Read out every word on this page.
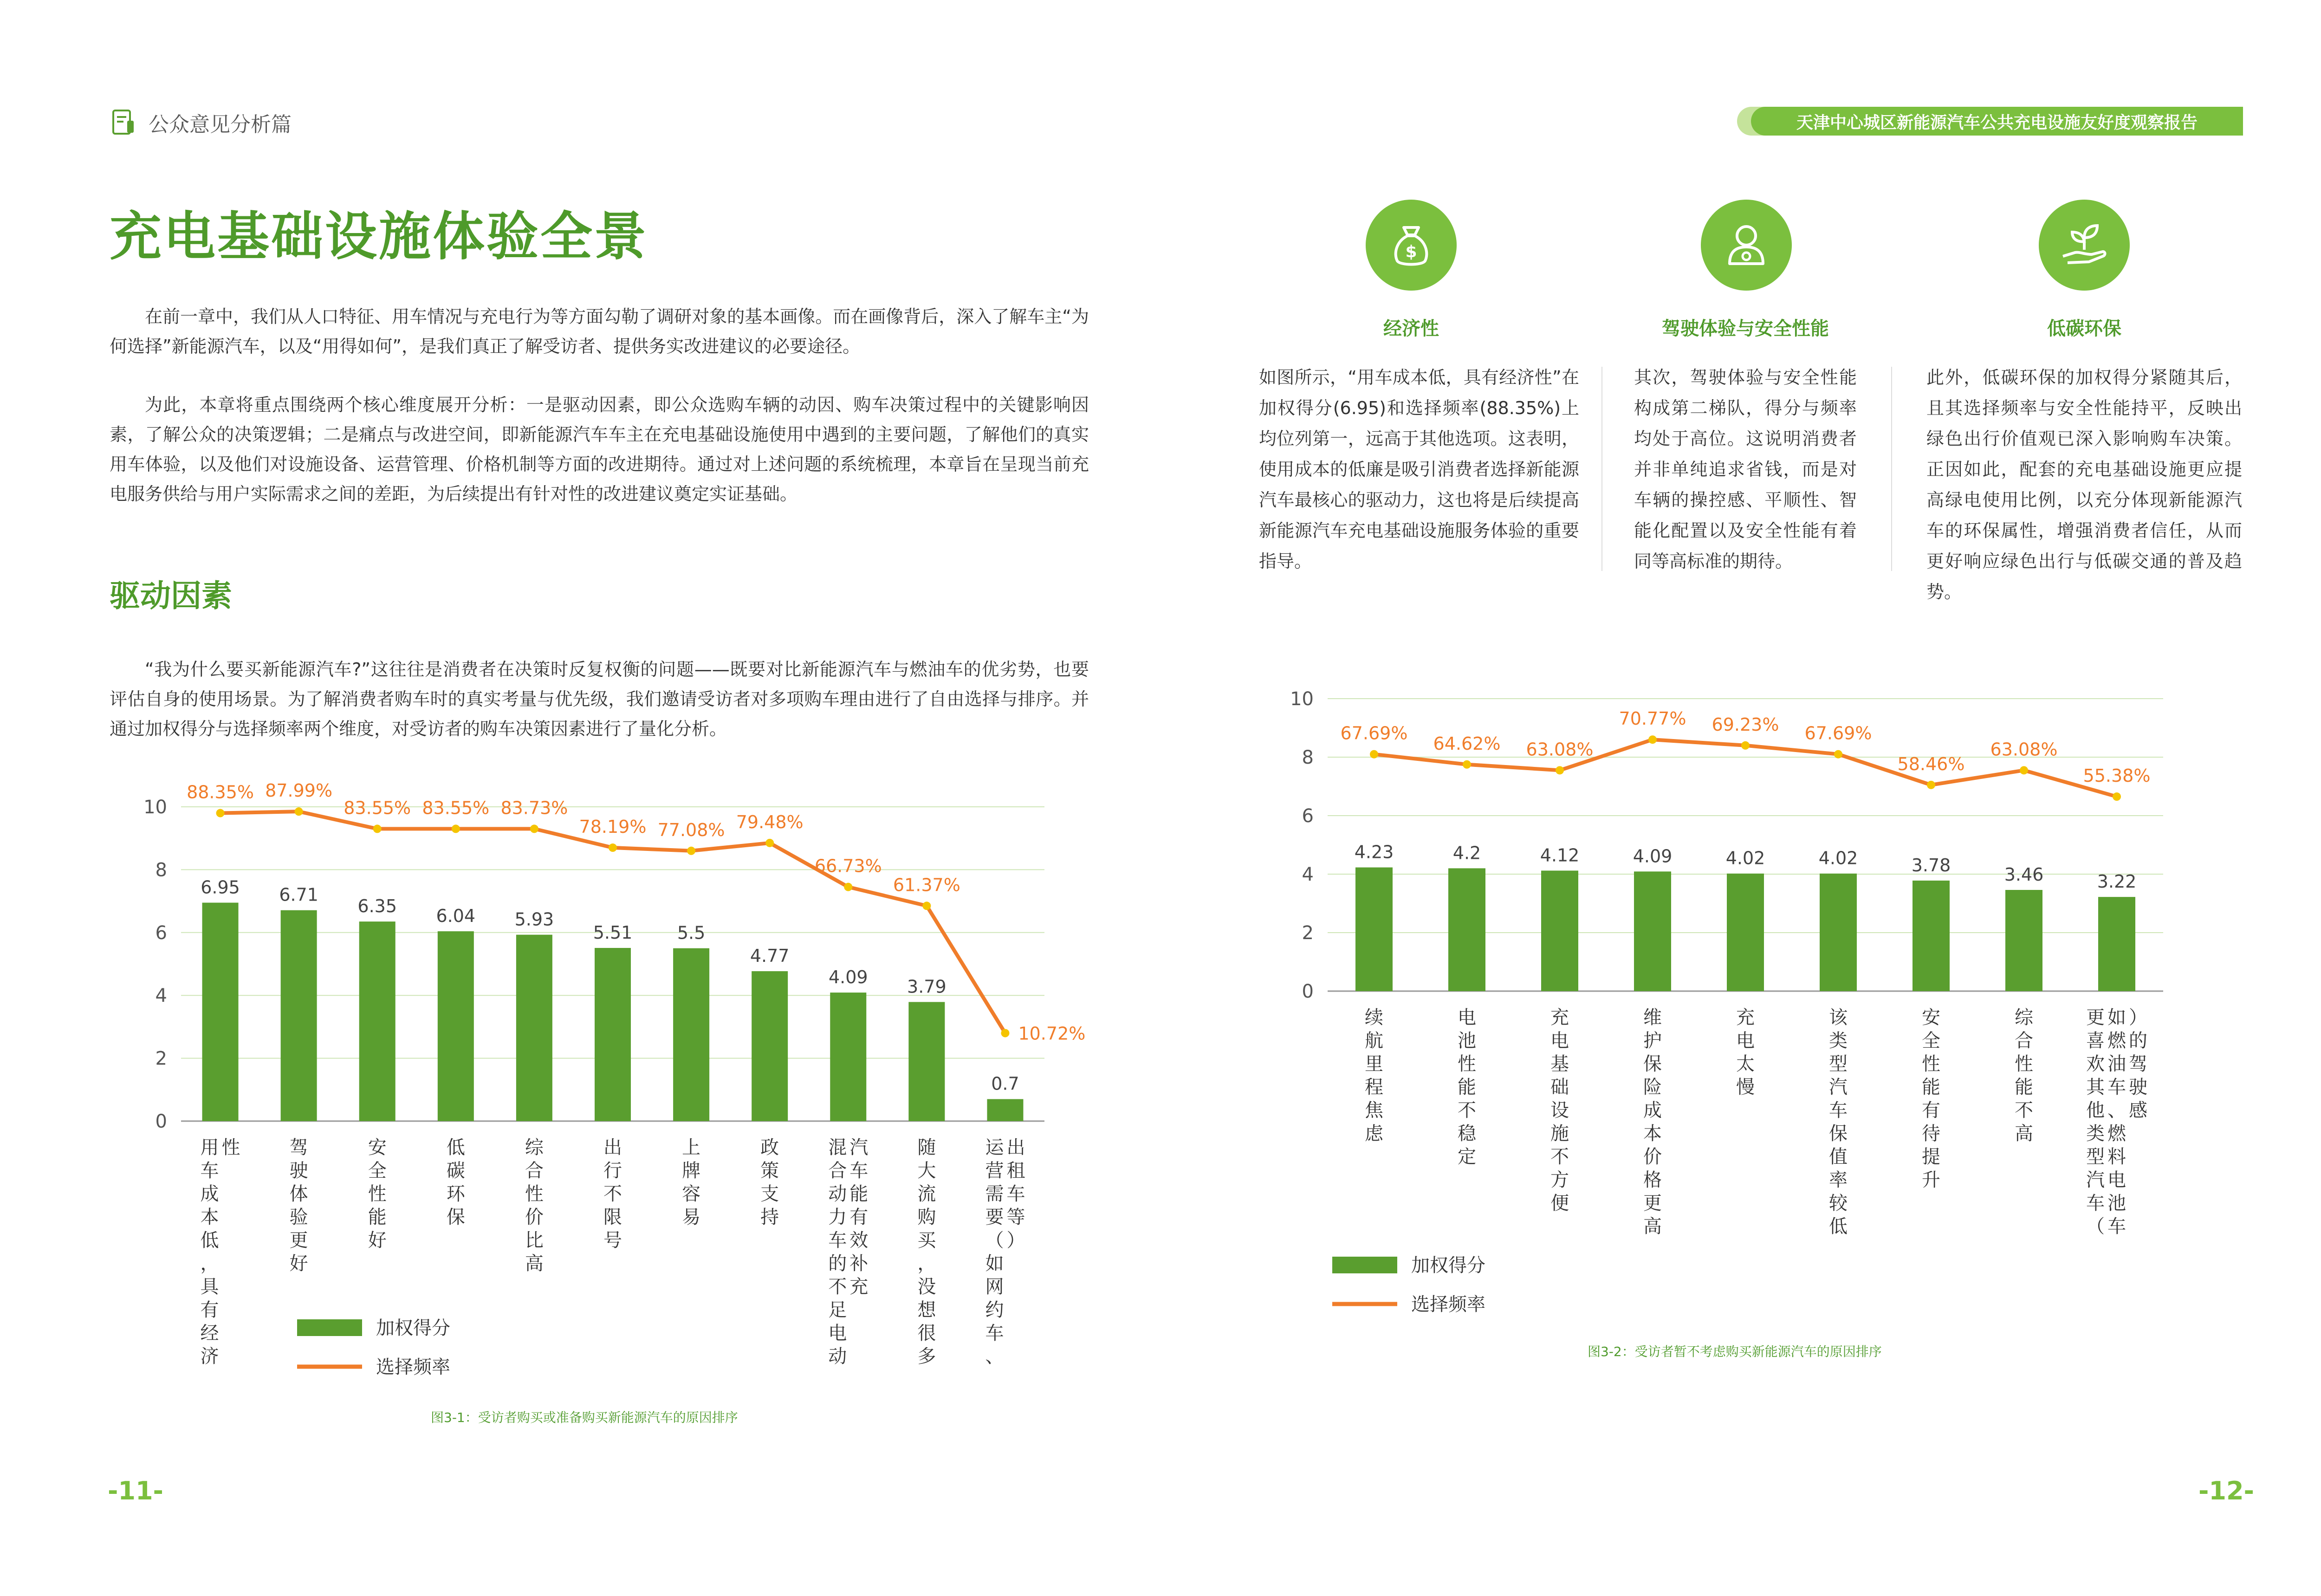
公众意见分析篇	天津中心城区新能源汽车公共充电设施友好度观察报告
充电基础设施体验全景
在前一章中，我们从人口特征、用车情况与充电行为等方面勾勒了调研对象的基本画像。而在画像背后，深入了解车主“为何选择”新能源汽车，以及“用得如何”，是我们真正了解受访者、提供务实改进建议的必要途径。
为此，本章将重点围绕两个核心维度展开分析：一是驱动因素，即公众选购车辆的动因、购车决策过程中的关键影响因素，了解公众的决策逻辑；二是痛点与改进空间，即新能源汽车车主在充电基础设施使用中遇到的主要问题，了解他们的真实用车体验，以及他们对设施设备、运营管理、价格机制等方面的改进期待。通过对上述问题的系统梳理，本章旨在呈现当前充电服务供给与用户实际需求之间的差距，为后续提出有针对性的改进建议奠定实证基础。
驱动因素
“我为什么要买新能源汽车?”这往往是消费者在决策时反复权衡的问题——既要对比新能源汽车与燃油车的优劣势，也要评估自身的使用场景。为了解消费者购车时的真实考量与优先级，我们邀请受访者对多项购车理由进行了自由选择与排序。并通过加权得分与选择频率两个维度，对受访者的购车决策因素进行了量化分析。
0
2
4
6
8
10
6.95 6.71
6.35 6.04 5.93
5.51	5.5
4.77
4.09 3.79
0.7
88.35% 87.99%
83.55% 83.55% 83.73%
78.19% 77.08% 79.48%
66.73%
61.37%
10.72%
用
车
成
本
低
，
具
有
经
济
性	驾
驶
体
验
更
好
安
全
性
能
好
低
碳
环
保
综
合
性
价
比
高
出
行
不
限
号
上
牌
容
易
政
策
支
持
混
合
动
力
车
的
不
足
电
动
汽
车
能
有
效
补
充
随
大
流
购
买
，
没
想
很
多
运
营
需
要
（
如
网
约
车
、
出
租
车
等
）
加权得分
选择频率
图3-1：受访者购买或准备购买新能源汽车的原因排序
$
经济性	驾驶体验与安全性能	低碳环保
如图所示，“用车成本低，具有经济性”在加权得分(6.95)和选择频率(88.35%)上均位列第一，远高于其他选项。这表明，使用成本的低廉是吸引消费者选择新能源汽车最核心的驱动力，这也将是后续提高新能源汽车充电基础设施服务体验的重要指导。
其次，驾驶体验与安全性能构成第二梯队，得分与频率均处于高位。这说明消费者并非单纯追求省钱，而是对车辆的操控感、平顺性、智能化配置以及安全性能有着同等高标准的期待。
此外，低碳环保的加权得分紧随其后，且其选择频率与安全性能持平，反映出绿色出行价值观已深入影响购车决策。正因如此，配套的充电基础设施更应提高绿电使用比例，以充分体现新能源汽车的环保属性，增强消费者信任，从而更好响应绿色出行与低碳交通的普及趋势。
0
2
4
6
8
10
4.23	4.2	4.12	4.09	4.02	4.02	3.78	3.46	3.22
67.69%
64.62% 63.08%
70.77% 69.23% 67.69%
58.46%
63.08%
55.38%
续
航
里
程
焦
虑
电
池
性
能
不
稳
定
充
电
基
础
设
施
不
方
便
维
护
保
险
成
本
价
格
更
高
充
电
太
慢
该
类
型
汽
车
保
值
率
较
低
安
全
性
能
有
待
提
升
综
合
性
能
不
高
更
喜
欢
其
他
类
型
汽
车
（
如
燃
油
车
、
燃
料
电
池
车
）
的
驾
驶
感
加权得分
选择频率
图3-2：受访者暂不考虑购买新能源汽车的原因排序
-11-	-12-
